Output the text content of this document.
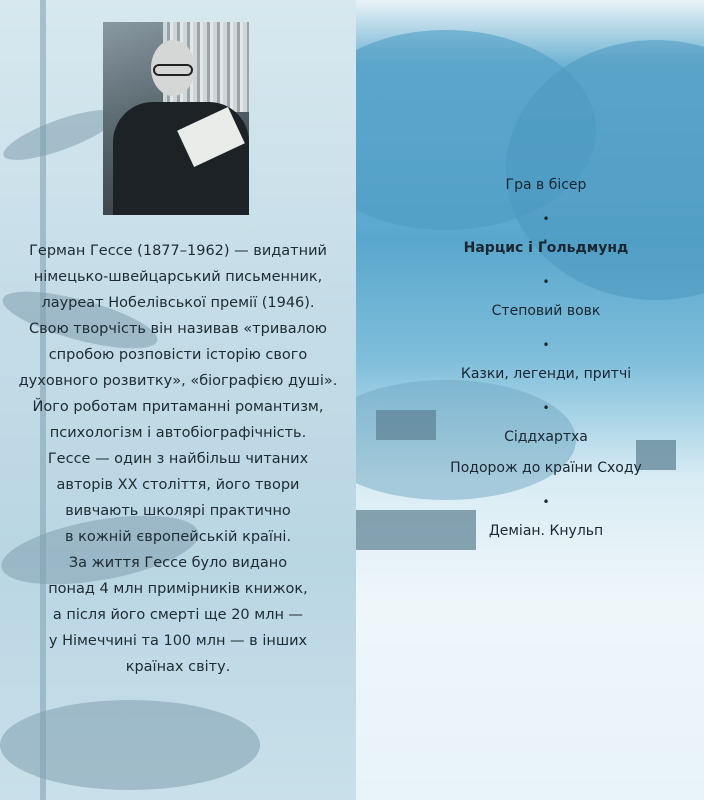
Герман Гессе (1877–1962) — видатний
німецько-швейцарський письменник,
лауреат Нобелівської премії (1946).
Свою творчість він називав «тривалою
спробою розповісти історію свого
духовного розвитку», «біографією душі».
Його роботам притаманні романтизм,
психологізм і автобіографічність.
Гессе — один з найбільш читаних
авторів XX століття, його твори
вивчають школярі практично
в кожній європейській країні.
За життя Гессе було видано
понад 4 млн примірників книжок,
а після його смерті ще 20 млн —
у Німеччині та 100 млн — в інших
країнах світу.
Гра в бісер
•
Нарцис і Ґольдмунд
•
Степовий вовк
•
Казки, легенди, притчі
•
Сіддхартха
Подорож до країни Сходу
•
Деміан. Кнульп
